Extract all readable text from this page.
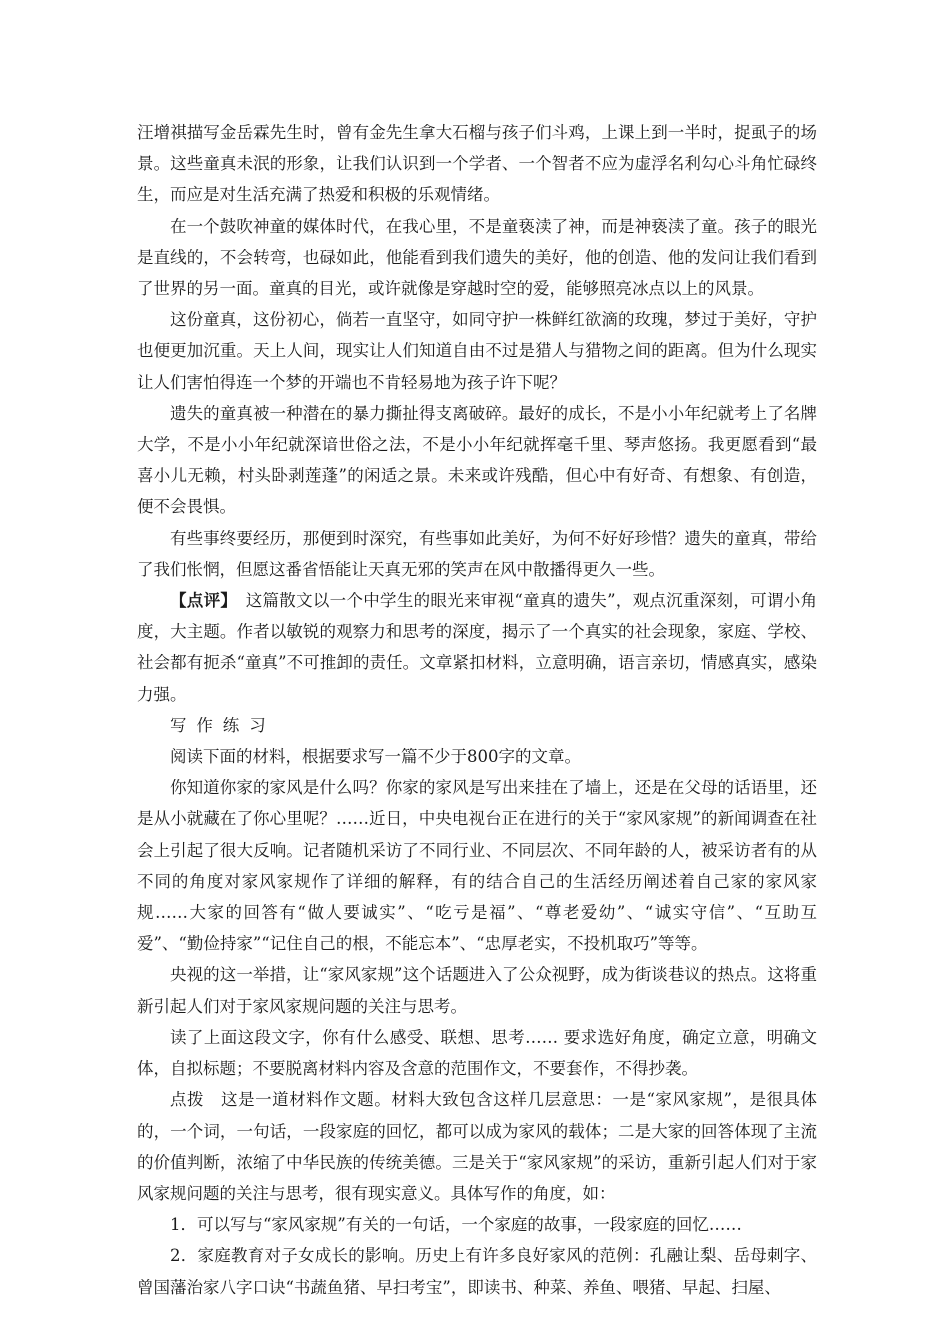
汪增祺描写金岳霖先生时，曾有金先生拿大石榴与孩子们斗鸡，上课上到一半时，捉虱子的场景。这些童真未泯的形象，让我们认识到一个学者、一个智者不应为虚浮名利勾心斗角忙碌终生，而应是对生活充满了热爱和积极的乐观情绪。

在一个鼓吹神童的媒体时代，在我心里，不是童亵渎了神，而是神亵渎了童。孩子的眼光是直线的，不会转弯，也碌如此，他能看到我们遗失的美好，他的创造、他的发问让我们看到了世界的另一面。童真的目光，或许就像是穿越时空的爱，能够照亮冰点以上的风景。

这份童真，这份初心，倘若一直坚守，如同守护一株鲜红欲滴的玫瑰，梦过于美好，守护也便更加沉重。天上人间，现实让人们知道自由不过是猎人与猎物之间的距离。但为什么现实让人们害怕得连一个梦的开端也不肯轻易地为孩子许下呢？

遗失的童真被一种潜在的暴力撕扯得支离破碎。最好的成长，不是小小年纪就考上了名牌大学，不是小小年纪就深谙世俗之法，不是小小年纪就挥毫千里、琴声悠扬。我更愿看到“最喜小儿无赖，村头卧剥莲蓬”的闲适之景。未来或许残酷，但心中有好奇、有想象、有创造，便不会畏惧。

有些事终要经历，那便到时深究，有些事如此美好，为何不好好珍惜？遗失的童真，带给了我们怅惘，但愿这番省悟能让天真无邪的笑声在风中散播得更久一些。

【点评】　这篇散文以一个中学生的眼光来审视“童真的遗失”，观点沉重深刻，可谓小角度，大主题。作者以敏锐的观察力和思考的深度，揭示了一个真实的社会现象，家庭、学校、社会都有扼杀“童真”不可推卸的责任。文章紧扣材料，立意明确，语言亲切，情感真实，感染力强。

写作练习

阅读下面的材料，根据要求写一篇不少于800字的文章。

你知道你家的家风是什么吗？你家的家风是写出来挂在了墙上，还是在父母的话语里，还是从小就藏在了你心里呢？……近日，中央电视台正在进行的关于“家风家规”的新闻调查在社会上引起了很大反响。记者随机采访了不同行业、不同层次、不同年龄的人，被采访者有的从不同的角度对家风家规作了详细的解释，有的结合自己的生活经历阐述着自己家的家风家规……大家的回答有“做人要诚实”、“吃亏是福”、“尊老爱幼”、“诚实守信”、“互助互爱”、“勤俭持家”“记住自己的根，不能忘本”、“忠厚老实，不投机取巧”等等。

央视的这一举措，让“家风家规”这个话题进入了公众视野，成为街谈巷议的热点。这将重新引起人们对于家风家规问题的关注与思考。

读了上面这段文字，你有什么感受、联想、思考…… 要求选好角度，确定立意，明确文体，自拟标题；不要脱离材料内容及含意的范围作文，不要套作，不得抄袭。

点拨　这是一道材料作文题。材料大致包含这样几层意思：一是“家风家规”，是很具体的，一个词，一句话，一段家庭的回忆，都可以成为家风的载体；二是大家的回答体现了主流的价值判断，浓缩了中华民族的传统美德。三是关于“家风家规”的采访，重新引起人们对于家风家规问题的关注与思考，很有现实意义。具体写作的角度，如：

1．可以写与“家风家规”有关的一句话，一个家庭的故事，一段家庭的回忆……

2．家庭教育对子女成长的影响。历史上有许多良好家风的范例：孔融让梨、岳母刺字、曾国藩治家八字口诀“书蔬鱼猪、早扫考宝”，即读书、种菜、养鱼、喂猪、早起、扫屋、
